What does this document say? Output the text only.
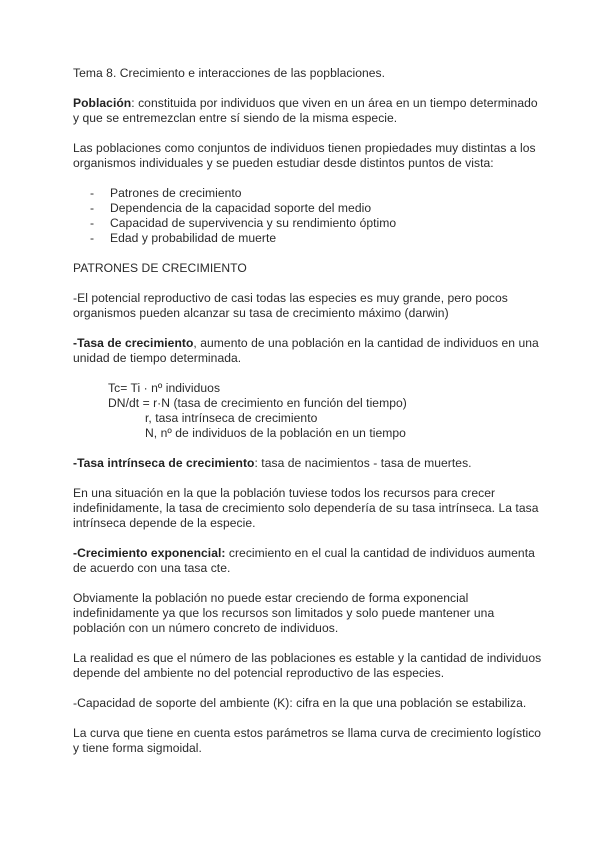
Tema 8. Crecimiento e interacciones de las popblaciones.

Población: constituida por individuos que viven en un área en un tiempo determinado y que se entremezclan entre sí siendo de la misma especie.

Las poblaciones como conjuntos de individuos tienen propiedades muy distintas a los organismos individuales y se pueden estudiar desde distintos puntos de vista:

- Patrones de crecimiento
- Dependencia de la capacidad soporte del medio
- Capacidad de supervivencia y su rendimiento óptimo
- Edad y probabilidad de muerte

PATRONES DE CRECIMIENTO

-El potencial reproductivo de casi todas las especies es muy grande, pero pocos organismos pueden alcanzar su tasa de crecimiento máximo (darwin)

-Tasa de crecimiento, aumento de una población en la cantidad de individuos en una unidad de tiempo determinada.

Tc= Ti · nº individuos

DN/dt = r·N (tasa de crecimiento en función del tiempo)

r, tasa intrínseca de crecimiento

N, nº de individuos de la población en un tiempo

-Tasa intrínseca de crecimiento: tasa de nacimientos - tasa de muertes.

En una situación en la que la población tuviese todos los recursos para crecer indefinidamente, la tasa de crecimiento solo dependería de su tasa intrínseca. La tasa intrínseca depende de la especie.

-Crecimiento exponencial: crecimiento en el cual la cantidad de individuos aumenta de acuerdo con una tasa cte.

Obviamente la población no puede estar creciendo de forma exponencial indefinidamente ya que los recursos son limitados y solo puede mantener una población con un número concreto de individuos.

La realidad es que el número de las poblaciones es estable y la cantidad de individuos depende del ambiente no del potencial reproductivo de las especies.

-Capacidad de soporte del ambiente (K): cifra en la que una población se estabiliza.

La curva que tiene en cuenta estos parámetros se llama curva de crecimiento logístico y tiene forma sigmoidal.
